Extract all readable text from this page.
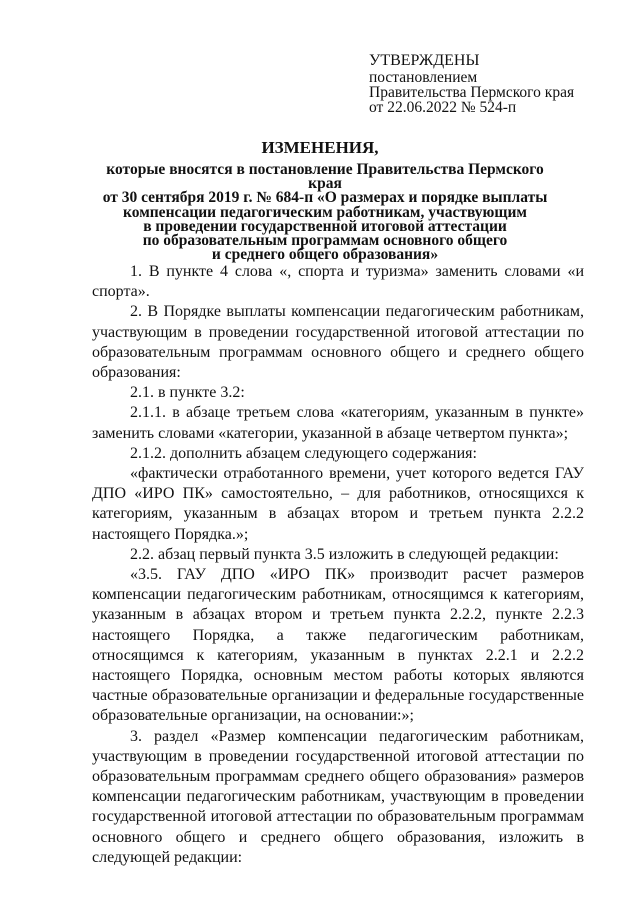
УТВЕРЖДЕНЫ
постановлением
Правительства Пермского края
от 22.06.2022 № 524-п
ИЗМЕНЕНИЯ,
которые вносятся в постановление Правительства Пермского края
от 30 сентября 2019 г. № 684-п «О размерах и порядке выплаты
компенсации педагогическим работникам, участвующим
в проведении государственной итоговой аттестации
по образовательным программам основного общего
и среднего общего образования»

1. В пункте 4 слова «, спорта и туризма» заменить словами «и спорта».

2. В Порядке выплаты компенсации педагогическим работникам, участвующим в проведении государственной итоговой аттестации по образовательным программам основного общего и среднего общего образования:

2.1. в пункте 3.2:

2.1.1. в абзаце третьем слова «категориям, указанным в пункте» заменить словами «категории, указанной в абзаце четвертом пункта»;

2.1.2. дополнить абзацем следующего содержания:

«фактически отработанного времени, учет которого ведется ГАУ ДПО «ИРО ПК» самостоятельно, – для работников, относящихся к категориям, указанным в абзацах втором и третьем пункта 2.2.2 настоящего Порядка.»;

2.2. абзац первый пункта 3.5 изложить в следующей редакции:

«3.5. ГАУ ДПО «ИРО ПК» производит расчет размеров компенсации педагогическим работникам, относящимся к категориям, указанным в абзацах втором и третьем пункта 2.2.2, пункте 2.2.3 настоящего Порядка, а также педагогическим работникам, относящимся к категориям, указанным в пунктах 2.2.1 и 2.2.2 настоящего Порядка, основным местом работы которых являются частные образовательные организации и федеральные государственные образовательные организации, на основании:»;

3. раздел «Размер компенсации педагогическим работникам, участвующим в проведении государственной итоговой аттестации по образовательным программам среднего общего образования» размеров компенсации педагогическим работникам, участвующим в проведении государственной итоговой аттестации по образовательным программам основного общего и среднего общего образования, изложить в следующей редакции:
